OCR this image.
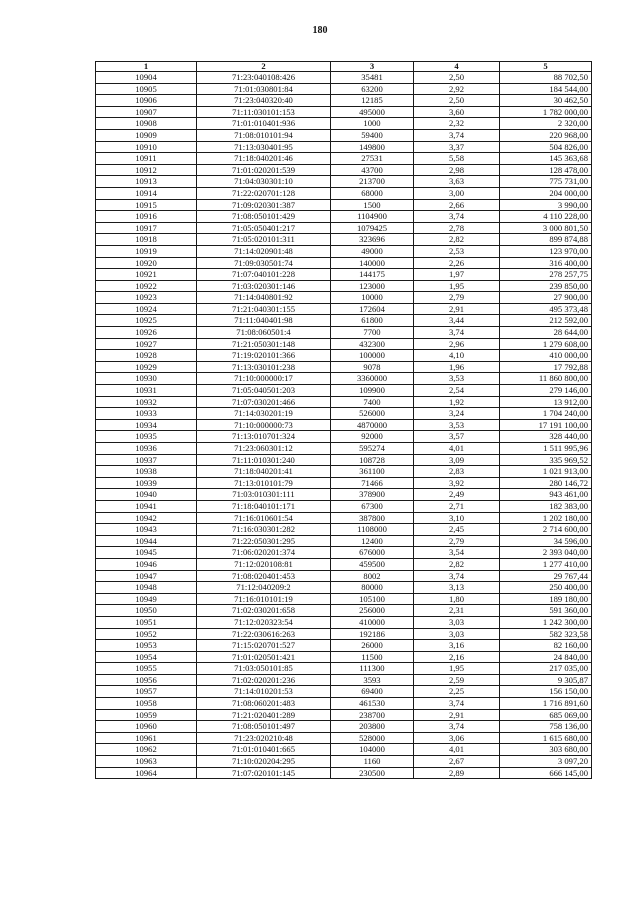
180
1	2	3	4	5
10904	71:23:040108:426	35481	2,50	88 702,50
10905	71:01:030801:84	63200	2,92	184 544,00
10906	71:23:040320:40	12185	2,50	30 462,50
10907	71:11:030101:153	495000	3,60	1 782 000,00
10908	71:01:010401:936	1000	2,32	2 320,00
10909	71:08:010101:94	59400	3,74	220 968,00
10910	71:13:030401:95	149800	3,37	504 826,00
10911	71:18:040201:46	27531	5,58	145 363,68
10912	71:01:020201:539	43700	2,98	128 478,00
10913	71:04:030301:10	213700	3,63	775 731,00
10914	71:22:020701:128	68000	3,00	204 000,00
10915	71:09:020301:387	1500	2,66	3 990,00
10916	71:08:050101:429	1104900	3,74	4 110 228,00
10917	71:05:050401:217	1079425	2,78	3 000 801,50
10918	71:05:020101:311	323696	2,82	899 874,88
10919	71:14:020901:48	49000	2,53	123 970,00
10920	71:09:030501:74	140000	2,26	316 400,00
10921	71:07:040101:228	144175	1,97	278 257,75
10922	71:03:020301:146	123000	1,95	239 850,00
10923	71:14:040801:92	10000	2,79	27 900,00
10924	71:21:040301:155	172604	2,91	495 373,48
10925	71:11:040401:98	61800	3,44	212 592,00
10926	71:08:060501:4	7700	3,74	28 644,00
10927	71:21:050301:148	432300	2,96	1 279 608,00
10928	71:19:020101:366	100000	4,10	410 000,00
10929	71:13:030101:238	9078	1,96	17 792,88
10930	71:10:000000:17	3360000	3,53	11 860 800,00
10931	71:05:040501:203	109900	2,54	279 146,00
10932	71:07:030201:466	7400	1,92	13 912,00
10933	71:14:030201:19	526000	3,24	1 704 240,00
10934	71:10:000000:73	4870000	3,53	17 191 100,00
10935	71:13:010701:324	92000	3,57	328 440,00
10936	71:23:060301:12	595274	4,01	1 511 995,96
10937	71:11:010301:240	108728	3,09	335 969,52
10938	71:18:040201:41	361100	2,83	1 021 913,00
10939	71:13:010101:79	71466	3,92	280 146,72
10940	71:03:010301:111	378900	2,49	943 461,00
10941	71:18:040101:171	67300	2,71	182 383,00
10942	71:16:010601:54	387800	3,10	1 202 180,00
10943	71:16:030301:282	1108000	2,45	2 714 600,00
10944	71:22:050301:295	12400	2,79	34 596,00
10945	71:06:020201:374	676000	3,54	2 393 040,00
10946	71:12:020108:81	459500	2,82	1 277 410,00
10947	71:08:020401:453	8002	3,74	29 767,44
10948	71:12:040209:2	80000	3,13	250 400,00
10949	71:16:010101:19	105100	1,80	189 180,00
10950	71:02:030201:658	256000	2,31	591 360,00
10951	71:12:020323:54	410000	3,03	1 242 300,00
10952	71:22:030616:263	192186	3,03	582 323,58
10953	71:15:020701:527	26000	3,16	82 160,00
10954	71:01:020501:421	11500	2,16	24 840,00
10955	71:03:050101:85	111300	1,95	217 035,00
10956	71:02:020201:236	3593	2,59	9 305,87
10957	71:14:010201:53	69400	2,25	156 150,00
10958	71:08:060201:483	461530	3,74	1 716 891,60
10959	71:21:020401:289	238700	2,91	685 069,00
10960	71:08:050101:497	203800	3,74	758 136,00
10961	71:23:020210:48	528000	3,06	1 615 680,00
10962	71:01:010401:665	104000	4,01	303 680,00
10963	71:10:020204:295	1160	2,67	3 097,20
10964	71:07:020101:145	230500	2,89	666 145,00
